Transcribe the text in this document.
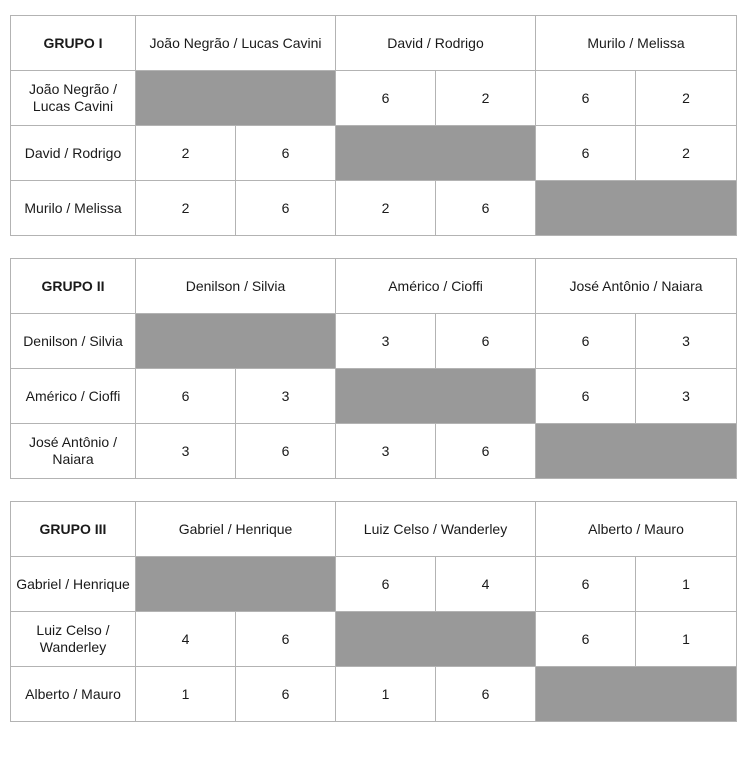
GRUPO I	João Negrão / Lucas Cavini		David / Rodrigo		Murilo / Melissa	
João Negrão / Lucas Cavini			6	2	6	2
David / Rodrigo	2	6			6	2
Murilo / Melissa	2	6	2	6		
GRUPO II	Denilson / Silvia		Américo / Cioffi		José Antônio / Naiara	
Denilson / Silvia			3	6	6	3
Américo / Cioffi	6	3			6	3
José Antônio / Naiara	3	6	3	6		
GRUPO III	Gabriel / Henrique		Luiz Celso / Wanderley		Alberto / Mauro	
Gabriel / Henrique			6	4	6	1
Luiz Celso / Wanderley	4	6			6	1
Alberto / Mauro	1	6	1	6		
